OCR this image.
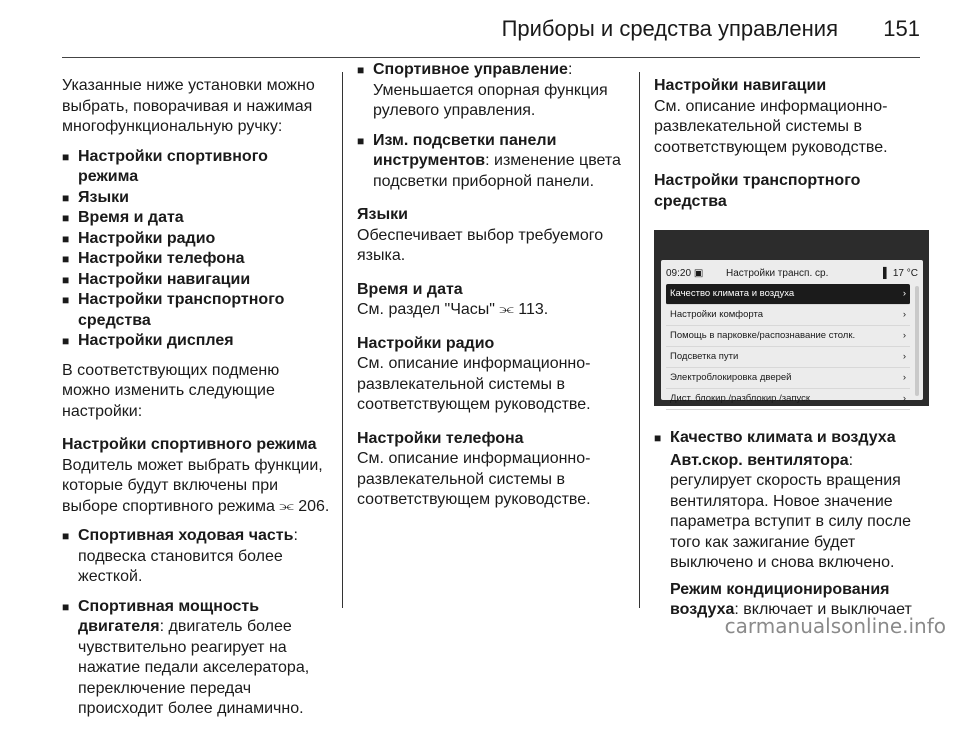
Приборы и средства управления 151

Указанные ниже установки можно выбрать, поворачивая и нажимая многофункциональную ручку:

■ Настройки спортивного режима
■ Языки
■ Время и дата
■ Настройки радио
■ Настройки телефона
■ Настройки навигации
■ Настройки транспортного средства
■ Настройки дисплея

В соответствующих подменю можно изменить следующие настройки:

Настройки спортивного режима

Водитель может выбрать функции, которые будут включены при выборе спортивного режима ⫘ 206.

■ Спортивная ходовая часть: подвеска становится более жесткой.
■ Спортивная мощность двигателя: двигатель более чувствительно реагирует на нажатие педали акселератора, переключение передач происходит более динамично.
■ Спортивное управление: Уменьшается опорная функция рулевого управления.
■ Изм. подсветки панели инструментов: изменение цвета подсветки приборной панели.
Языки

Обеспечивает выбор требуемого языка.

Время и дата

См. раздел "Часы" ⫘ 113.

Настройки радио

См. описание информационно-развлекательной системы в соответствующем руководстве.

Настройки телефона

См. описание информационно-развлекательной системы в соответствующем руководстве.

Настройки навигации

См. описание информационно-развлекательной системы в соответствующем руководстве.

Настройки транспортного средства
09:20 ▣ Настройки трансп. ср.	▌ 17 °C
Качество климата и воздуха	›
Настройки комфорта	›
Помощь в парковке/распознавание столк.	›
Подсветка пути	›
Электроблокировка дверей	›
Дист. блокир./разблокир./запуск	›
■ Качество климата и воздуха

Авт.скор. вентилятора: регулирует скорость вращения вентилятора. Новое значение параметра вступит в силу после того как зажигание будет выключено и снова включено.

Режим кондиционирования воздуха: включает и выключает

carmanualsonline.info
